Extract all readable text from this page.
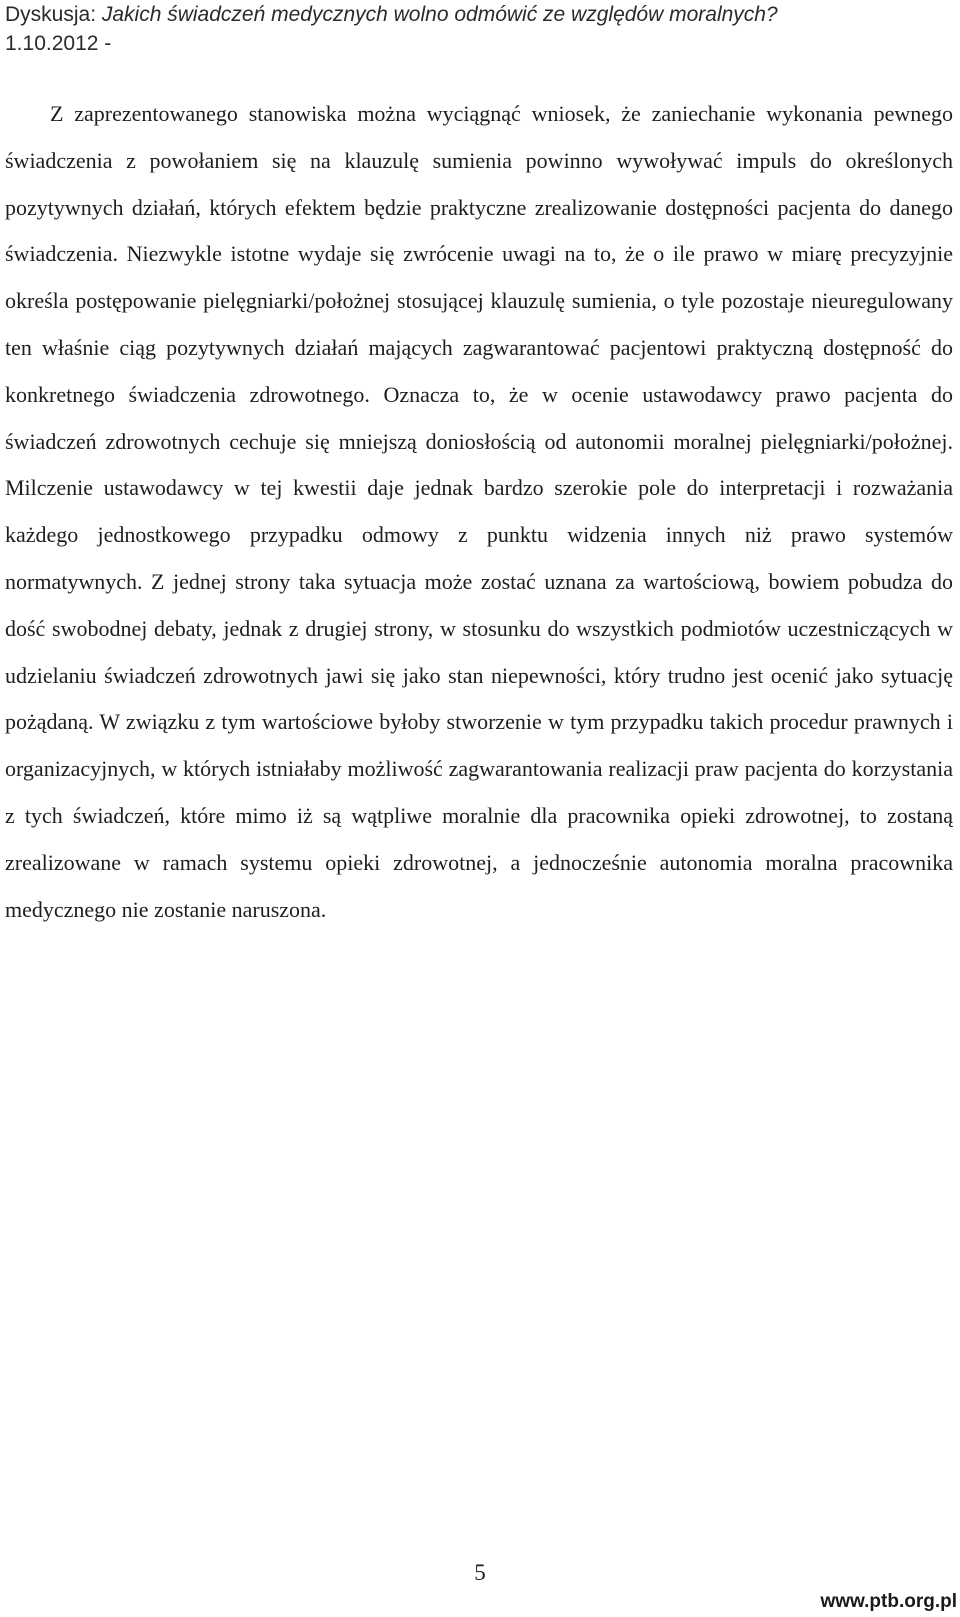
Dyskusja: Jakich świadczeń medycznych wolno odmówić ze względów moralnych?
1.10.2012 -

Z zaprezentowanego stanowiska można wyciągnąć wniosek, że zaniechanie wykonania pewnego świadczenia z powołaniem się na klauzulę sumienia powinno wywoływać impuls do określonych pozytywnych działań, których efektem będzie praktyczne zrealizowanie dostępności pacjenta do danego świadczenia. Niezwykle istotne wydaje się zwrócenie uwagi na to, że o ile prawo w miarę precyzyjnie określa postępowanie pielęgniarki/położnej stosującej klauzulę sumienia, o tyle pozostaje nieuregulowany ten właśnie ciąg pozytywnych działań mających zagwarantować pacjentowi praktyczną dostępność do konkretnego świadczenia zdrowotnego. Oznacza to, że w ocenie ustawodawcy prawo pacjenta do świadczeń zdrowotnych cechuje się mniejszą doniosłością od autonomii moralnej pielęgniarki/położnej. Milczenie ustawodawcy w tej kwestii daje jednak bardzo szerokie pole do interpretacji i rozważania każdego jednostkowego przypadku odmowy z punktu widzenia innych niż prawo systemów normatywnych. Z jednej strony taka sytuacja może zostać uznana za wartościową, bowiem pobudza do dość swobodnej debaty, jednak z drugiej strony, w stosunku do wszystkich podmiotów uczestniczących w udzielaniu świadczeń zdrowotnych jawi się jako stan niepewności, który trudno jest ocenić jako sytuację pożądaną. W związku z tym wartościowe byłoby stworzenie w tym przypadku takich procedur prawnych i organizacyjnych, w których istniałaby możliwość zagwarantowania realizacji praw pacjenta do korzystania z tych świadczeń, które mimo iż są wątpliwe moralnie dla pracownika opieki zdrowotnej, to zostaną zrealizowane w ramach systemu opieki zdrowotnej, a jednocześnie autonomia moralna pracownika medycznego nie zostanie naruszona.

5
www.ptb.org.pl
